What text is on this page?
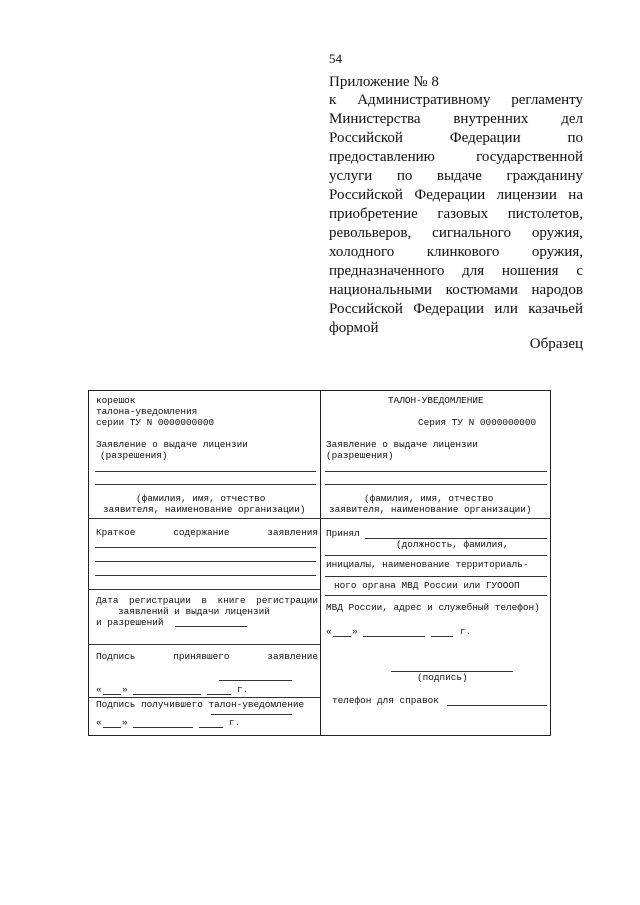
54
Приложение № 8
к Административному регламенту
Министерства внутренних дел
Российской Федерации по
предоставлению государственной
услуги по выдаче гражданину
Российской Федерации лицензии на
приобретение газовых пистолетов,
револьверов, сигнального оружия,
холодного клинкового оружия,
предназначенного для ношения с
национальными костюмами народов
Российской Федерации или казачьей
формой
Образец
корешок
талона-уведомления
серии ТУ N 0000000000
Заявление о выдаче лицензии
(разрешения)
(фамилия, имя, отчество
заявителя, наименование организации)
Краткое содержание заявления
Дата регистрации в книге регистрации
заявлений и выдачи лицензий
и разрешений
Подпись принявшего заявление
« »	г.
Подпись получившего талон-уведомление
« »	г.
ТАЛОН-УВЕДОМЛЕНИЕ
Серия ТУ N 0000000000
Заявление о выдаче лицензии
(разрешения)
(фамилия, имя, отчество
заявителя, наименование организации)
Принял
(должность, фамилия,
инициалы, наименование территориаль-
ного органа МВД России или ГУОООП
МВД России, адрес и служебный телефон)
« »	г.
(подпись)
телефон для справок
